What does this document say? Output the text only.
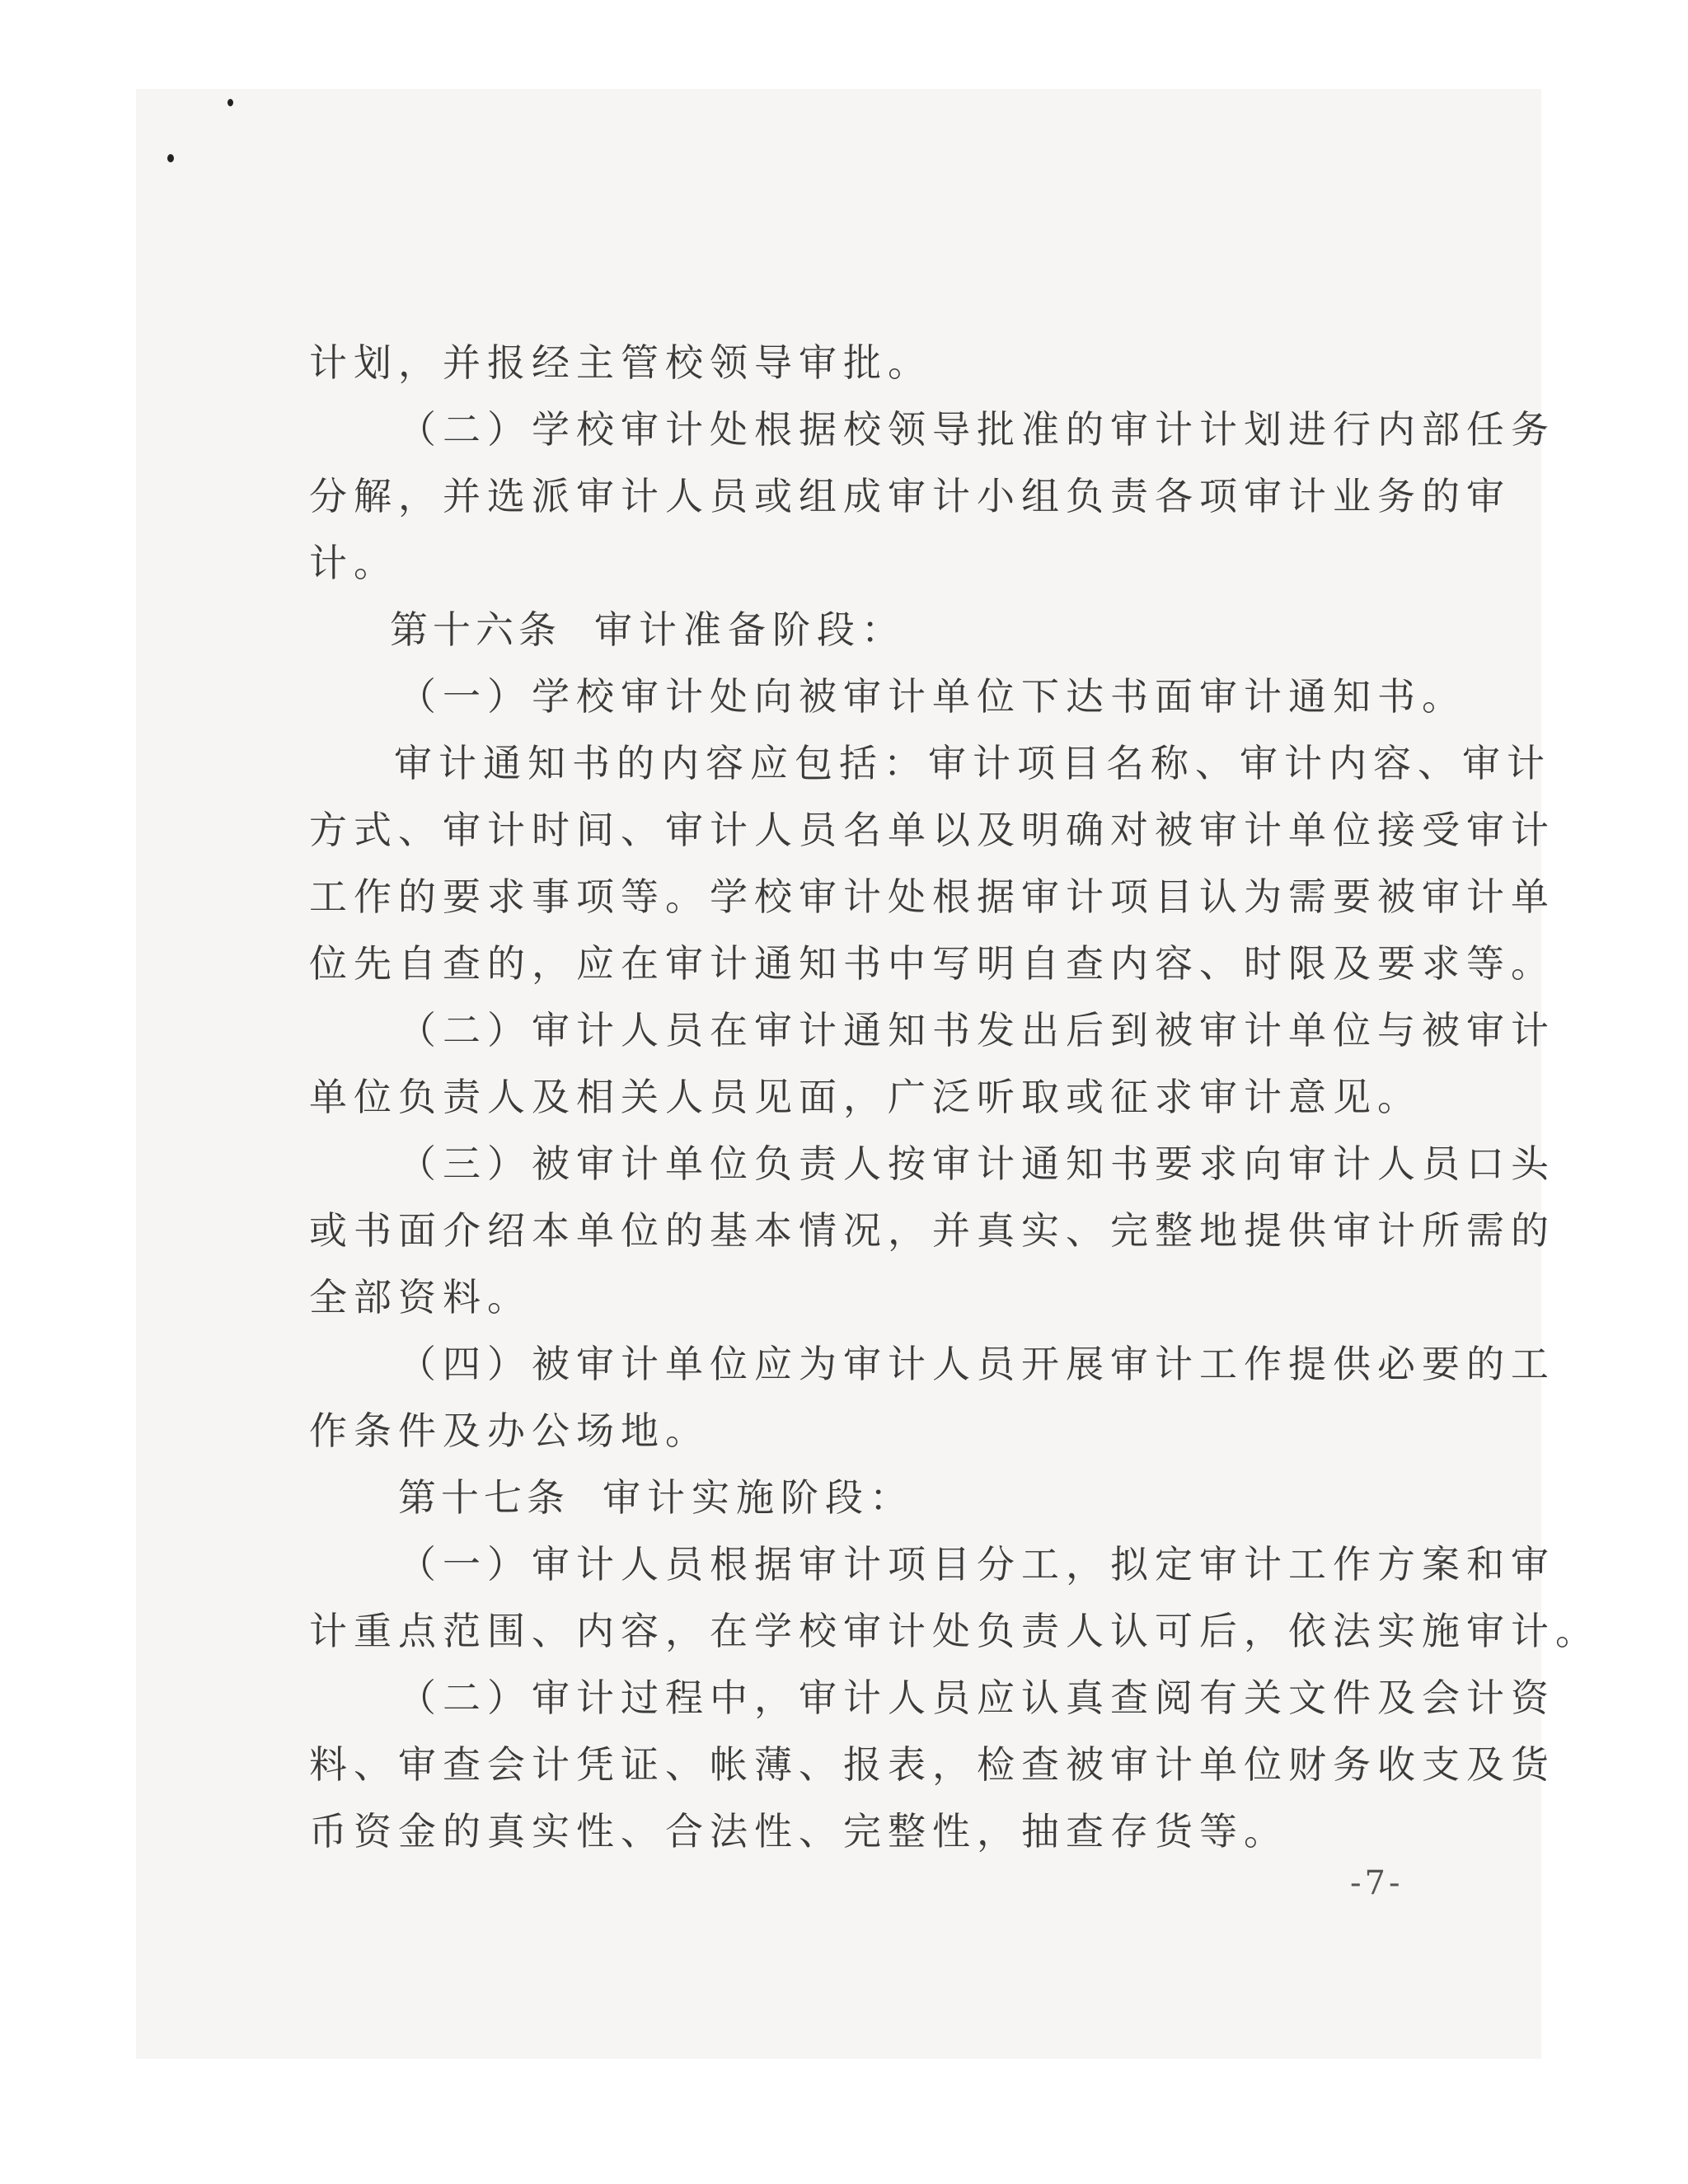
计划，并报经主管校领导审批。
（二）学校审计处根据校领导批准的审计计划进行内部任务
分解，并选派审计人员或组成审计小组负责各项审计业务的审
计。
第十六条 审计准备阶段：
（一）学校审计处向被审计单位下达书面审计通知书。
审计通知书的内容应包括：审计项目名称、审计内容、审计
方式、审计时间、审计人员名单以及明确对被审计单位接受审计
工作的要求事项等。学校审计处根据审计项目认为需要被审计单
位先自查的，应在审计通知书中写明自查内容、时限及要求等。
（二）审计人员在审计通知书发出后到被审计单位与被审计
单位负责人及相关人员见面，广泛听取或征求审计意见。
（三）被审计单位负责人按审计通知书要求向审计人员口头
或书面介绍本单位的基本情况，并真实、完整地提供审计所需的
全部资料。
（四）被审计单位应为审计人员开展审计工作提供必要的工
作条件及办公场地。
第十七条 审计实施阶段：
（一）审计人员根据审计项目分工，拟定审计工作方案和审
计重点范围、内容，在学校审计处负责人认可后，依法实施审计。
（二）审计过程中，审计人员应认真查阅有关文件及会计资
料、审查会计凭证、帐薄、报表，检查被审计单位财务收支及货
币资金的真实性、合法性、完整性，抽查存货等。
-7-
